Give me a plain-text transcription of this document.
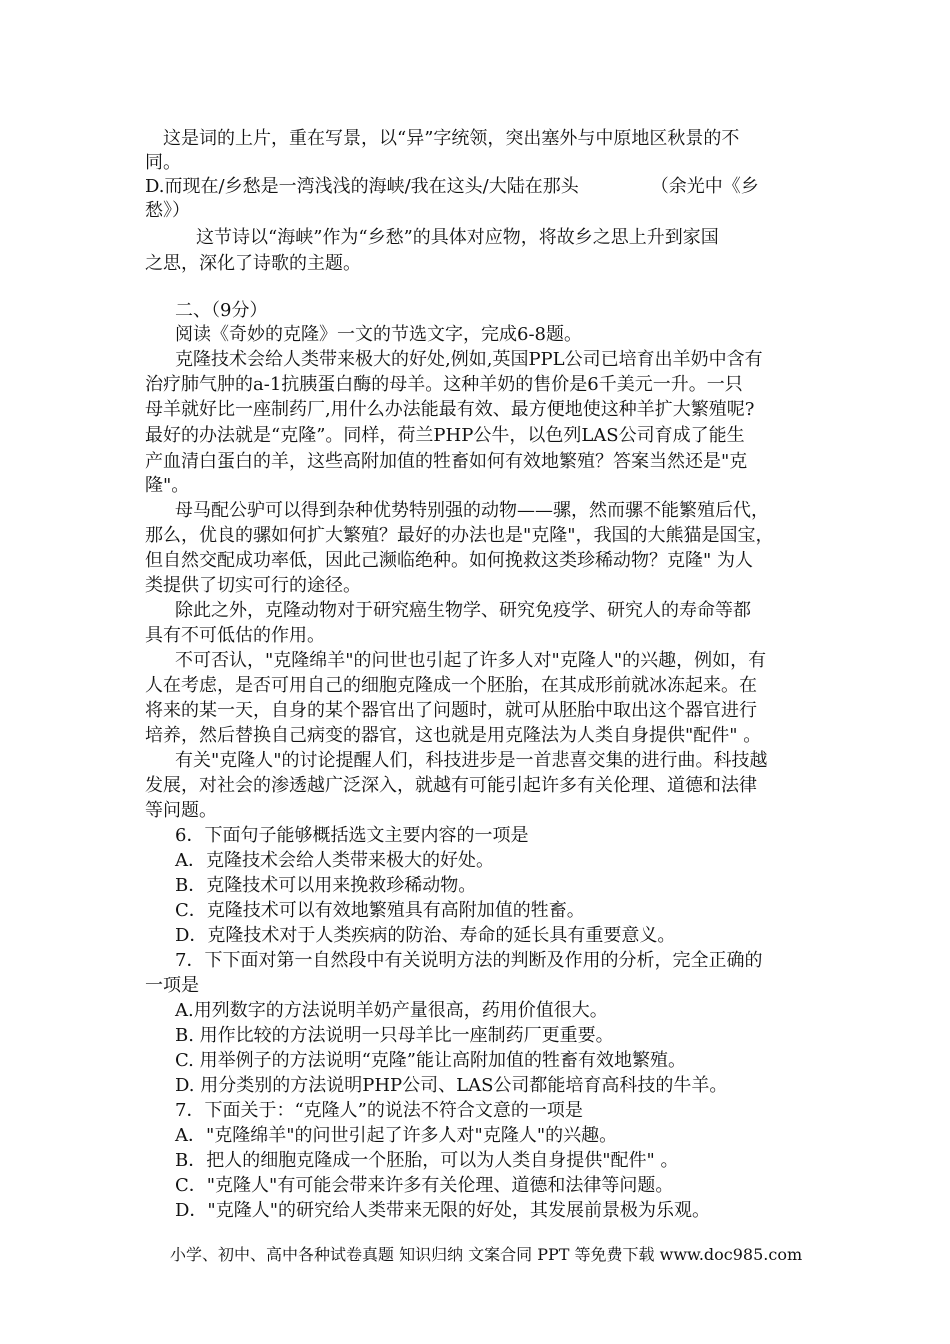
这是词的上片，重在写景，以“异”字统领，突出塞外与中原地区秋景的不
同。
D.而现在/乡愁是一湾浅浅的海峡/我在这头/大陆在那头	（余光中《乡
愁》）
这节诗以“海峡”作为“乡愁”的具体对应物，将故乡之思上升到家国
之思，深化了诗歌的主题。
二、（9分）
阅读《奇妙的克隆》一文的节选文字，完成6-8题。
克隆技术会给人类带来极大的好处,例如,英国PPL公司已培育出羊奶中含有
治疗肺气肿的a-1抗胰蛋白酶的母羊。这种羊奶的售价是6千美元一升。一只
母羊就好比一座制药厂,用什么办法能最有效、最方便地使这种羊扩大繁殖呢?
最好的办法就是“克隆”。同样，荷兰PHP公牛，以色列LAS公司育成了能生
产血清白蛋白的羊，这些高附加值的牲畜如何有效地繁殖？答案当然还是"克
隆"。
母马配公驴可以得到杂种优势特别强的动物——骡，然而骡不能繁殖后代，
那么，优良的骡如何扩大繁殖？最好的办法也是"克隆"，我国的大熊猫是国宝，
但自然交配成功率低，因此己濒临绝种。如何挽救这类珍稀动物？克隆" 为人
类提供了切实可行的途径。
除此之外，克隆动物对于研究癌生物学、研究免疫学、研究人的寿命等都
具有不可低估的作用。
不可否认，"克隆绵羊"的问世也引起了许多人对"克隆人"的兴趣，例如，有
人在考虑，是否可用自己的细胞克隆成一个胚胎，在其成形前就冰冻起来。在
将来的某一天，自身的某个器官出了问题时，就可从胚胎中取出这个器官进行
培养，然后替换自己病变的器官，这也就是用克隆法为人类自身提供"配件" 。
有关"克隆人"的讨论提醒人们，科技进步是一首悲喜交集的进行曲。科技越
发展，对社会的渗透越广泛深入，就越有可能引起许多有关伦理、道德和法律
等问题。
6．下面句子能够概括选文主要内容的一项是
A．克隆技术会给人类带来极大的好处。
B．克隆技术可以用来挽救珍稀动物。
C．克隆技术可以有效地繁殖具有高附加值的牲畜。
D．克隆技术对于人类疾病的防治、寿命的延长具有重要意义。
7．下下面对第一自然段中有关说明方法的判断及作用的分析，完全正确的
一项是
A.用列数字的方法说明羊奶产量很高，药用价值很大。
B. 用作比较的方法说明一只母羊比一座制药厂更重要。
C. 用举例子的方法说明“克隆”能让高附加值的牲畜有效地繁殖。
D. 用分类别的方法说明PHP公司、LAS公司都能培育高科技的牛羊。
7．下面关于：“克隆人”的说法不符合文意的一项是
A．"克隆绵羊"的问世引起了许多人对"克隆人"的兴趣。
B．把人的细胞克隆成一个胚胎，可以为人类自身提供"配件" 。
C．"克隆人"有可能会带来许多有关伦理、道德和法律等问题。
D．"克隆人"的研究给人类带来无限的好处，其发展前景极为乐观。
小学、初中、高中各种试卷真题 知识归纳 文案合同 PPT 等免费下载 www.doc985.com
